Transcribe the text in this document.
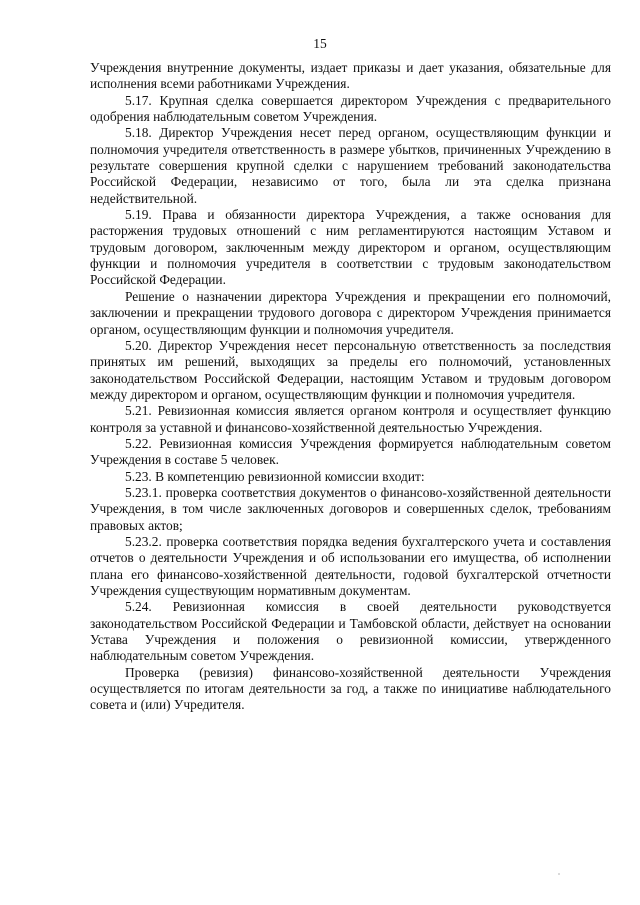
15

Учреждения внутренние документы, издает приказы и дает указания, обязательные для исполнения всеми работниками Учреждения.

5.17. Крупная сделка совершается директором Учреждения с предварительного одобрения наблюдательным советом Учреждения.

5.18. Директор Учреждения несет перед органом, осуществляющим функции и полномочия учредителя ответственность в размере убытков, причиненных Учреждению в результате совершения крупной сделки с нарушением требований законодательства Российской Федерации, независимо от того, была ли эта сделка признана недействительной.

5.19. Права и обязанности директора Учреждения, а также основания для расторжения трудовых отношений с ним регламентируются настоящим Уставом и трудовым договором, заключенным между директором и органом, осуществляющим функции и полномочия учредителя в соответствии с трудовым законодательством Российской Федерации.

Решение о назначении директора Учреждения и прекращении его полномочий, заключении и прекращении трудового договора с директором Учреждения принимается органом, осуществляющим функции и полномочия учредителя.

5.20. Директор Учреждения несет персональную ответственность за последствия принятых им решений, выходящих за пределы его полномочий, установленных законодательством Российской Федерации, настоящим Уставом и трудовым договором между директором и органом, осуществляющим функции и полномочия учредителя.

5.21. Ревизионная комиссия является органом контроля и осуществляет функцию контроля за уставной и финансово-хозяйственной деятельностью Учреждения.

5.22. Ревизионная комиссия Учреждения формируется наблюдательным советом Учреждения в составе 5 человек.

5.23. В компетенцию ревизионной комиссии входит:

5.23.1. проверка соответствия документов о финансово-хозяйственной деятельности Учреждения, в том числе заключенных договоров и совершенных сделок, требованиям правовых актов;

5.23.2. проверка соответствия порядка ведения бухгалтерского учета и составления отчетов о деятельности Учреждения и об использовании его имущества, об исполнении плана его финансово-хозяйственной деятельности, годовой бухгалтерской отчетности Учреждения существующим нормативным документам.

5.24. Ревизионная комиссия в своей деятельности руководствуется законодательством Российской Федерации и Тамбовской области, действует на основании Устава Учреждения и положения о ревизионной комиссии, утвержденного наблюдательным советом Учреждения.

Проверка (ревизия) финансово-хозяйственной деятельности Учреждения осуществляется по итогам деятельности за год, а также по инициативе наблюдательного совета и (или) Учредителя.
